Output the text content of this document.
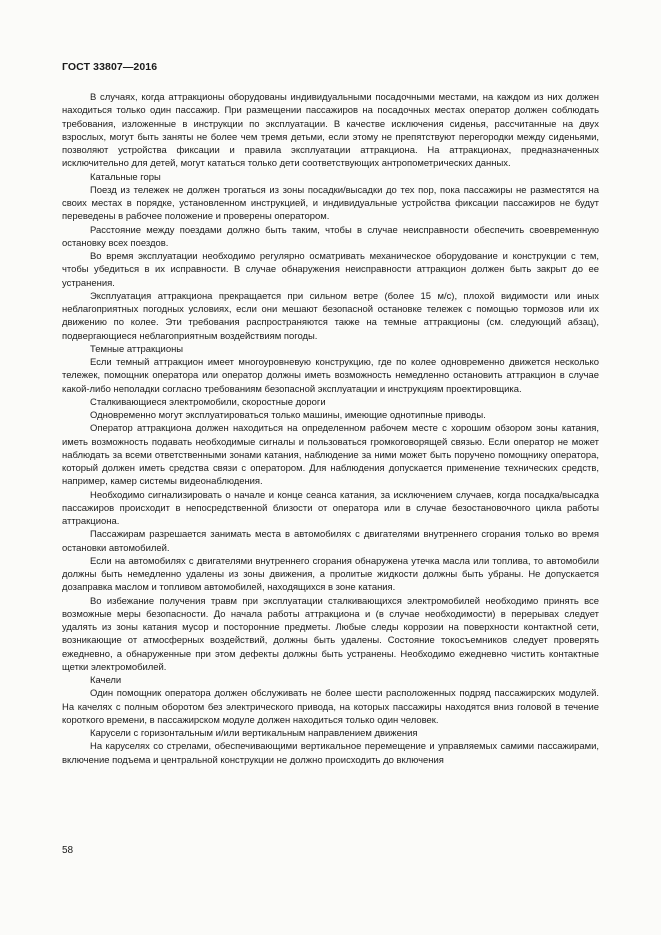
ГОСТ 33807—2016

В случаях, когда аттракционы оборудованы индивидуальными посадочными местами, на каждом из них должен находиться только один пассажир. При размещении пассажиров на посадочных местах оператор должен соблюдать требования, изложенные в инструкции по эксплуатации. В качестве исключения сиденья, рассчитанные на двух взрослых, могут быть заняты не более чем тремя детьми, если этому не препятствуют перегородки между сиденьями, позволяют устройства фиксации и правила эксплуатации аттракциона. На аттракционах, предназначенных исключительно для детей, могут кататься только дети соответствующих антропометрических данных.

Катальные горы

Поезд из тележек не должен трогаться из зоны посадки/высадки до тех пор, пока пассажиры не разместятся на своих местах в порядке, установленном инструкцией, и индивидуальные устройства фиксации пассажиров не будут переведены в рабочее положение и проверены оператором.

Расстояние между поездами должно быть таким, чтобы в случае неисправности обеспечить своевременную остановку всех поездов.

Во время эксплуатации необходимо регулярно осматривать механическое оборудование и конструкции с тем, чтобы убедиться в их исправности. В случае обнаружения неисправности аттракцион должен быть закрыт до ее устранения.

Эксплуатация аттракциона прекращается при сильном ветре (более 15 м/с), плохой видимости или иных неблагоприятных погодных условиях, если они мешают безопасной остановке тележек с помощью тормозов или их движению по колее. Эти требования распространяются также на темные аттракционы (см. следующий абзац), подвергающиеся неблагоприятным воздействиям погоды.

Темные аттракционы

Если темный аттракцион имеет многоуровневую конструкцию, где по колее одновременно движется несколько тележек, помощник оператора или оператор должны иметь возможность немедленно остановить аттракцион в случае какой-либо неполадки согласно требованиям безопасной эксплуатации и инструкциям проектировщика.

Сталкивающиеся электромобили, скоростные дороги

Одновременно могут эксплуатироваться только машины, имеющие однотипные приводы.

Оператор аттракциона должен находиться на определенном рабочем месте с хорошим обзором зоны катания, иметь возможность подавать необходимые сигналы и пользоваться громкоговорящей связью. Если оператор не может наблюдать за всеми ответственными зонами катания, наблюдение за ними может быть поручено помощнику оператора, который должен иметь средства связи с оператором. Для наблюдения допускается применение технических средств, например, камер системы видеонаблюдения.

Необходимо сигнализировать о начале и конце сеанса катания, за исключением случаев, когда посадка/высадка пассажиров происходит в непосредственной близости от оператора или в случае безостановочного цикла работы аттракциона.

Пассажирам разрешается занимать места в автомобилях с двигателями внутреннего сгорания только во время остановки автомобилей.

Если на автомобилях с двигателями внутреннего сгорания обнаружена утечка масла или топлива, то автомобили должны быть немедленно удалены из зоны движения, а пролитые жидкости должны быть убраны. Не допускается дозаправка маслом и топливом автомобилей, находящихся в зоне катания.

Во избежание получения травм при эксплуатации сталкивающихся электромобилей необходимо принять все возможные меры безопасности. До начала работы аттракциона и (в случае необходимости) в перерывах следует удалять из зоны катания мусор и посторонние предметы. Любые следы коррозии на поверхности контактной сети, возникающие от атмосферных воздействий, должны быть удалены. Состояние токосъемников следует проверять ежедневно, а обнаруженные при этом дефекты должны быть устранены. Необходимо ежедневно чистить контактные щетки электромобилей.

Качели

Один помощник оператора должен обслуживать не более шести расположенных подряд пассажирских модулей. На качелях с полным оборотом без электрического привода, на которых пассажиры находятся вниз головой в течение короткого времени, в пассажирском модуле должен находиться только один человек.

Карусели с горизонтальным и/или вертикальным направлением движения

На каруселях со стрелами, обеспечивающими вертикальное перемещение и управляемых самими пассажирами, включение подъема и центральной конструкции не должно происходить до включения

58
